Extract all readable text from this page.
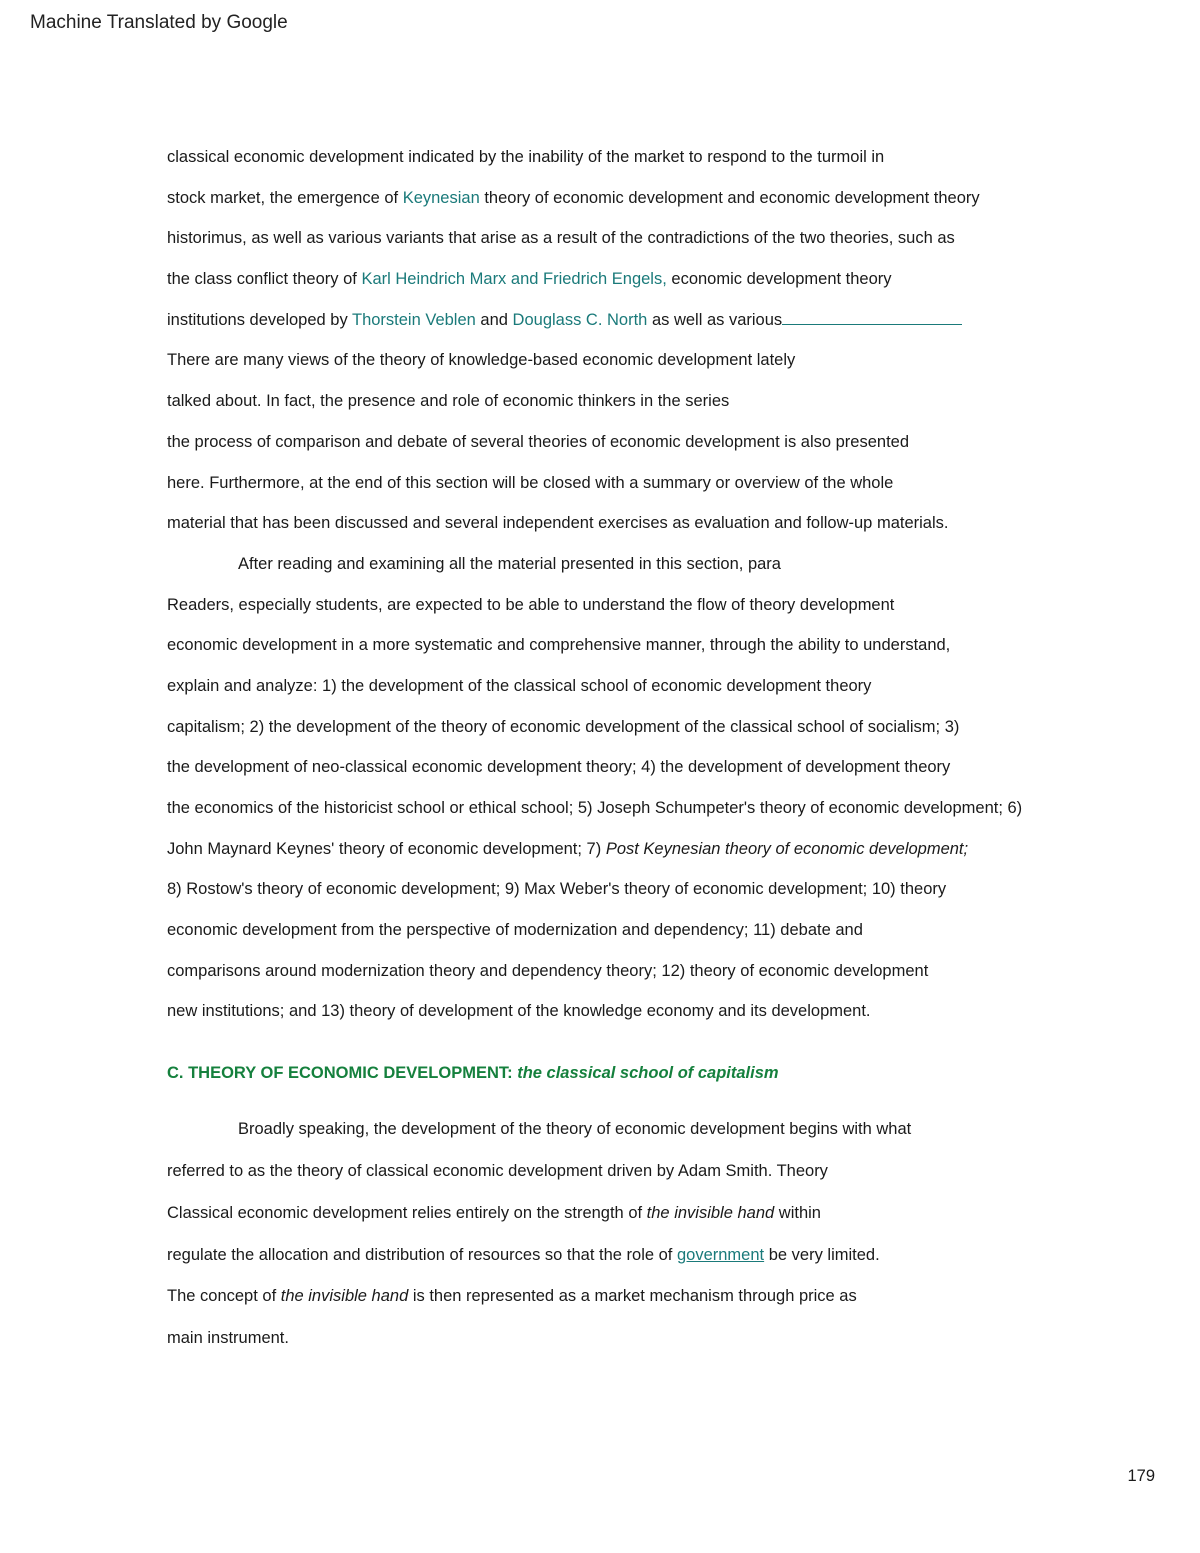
Machine Translated by Google
classical economic development indicated by the inability of the market to respond to the turmoil in
stock market, the emergence of Keynesian theory of economic development and economic development theory
historimus, as well as various variants that arise as a result of the contradictions of the two theories, such as
the class conflict theory of Karl Heindrich Marx and Friedrich Engels, economic development theory
institutions developed by Thorstein Veblen and Douglass C. North as well as various
There are many views of the theory of knowledge-based economic development lately
talked about. In fact, the presence and role of economic thinkers in the series
the process of comparison and debate of several theories of economic development is also presented
here. Furthermore, at the end of this section will be closed with a summary or overview of the whole
material that has been discussed and several independent exercises as evaluation and follow-up materials.
After reading and examining all the material presented in this section, para
Readers, especially students, are expected to be able to understand the flow of theory development
economic development in a more systematic and comprehensive manner, through the ability to understand,
explain and analyze: 1) the development of the classical school of economic development theory
capitalism; 2) the development of the theory of economic development of the classical school of socialism; 3)
the development of neo-classical economic development theory; 4) the development of development theory
the economics of the historicist school or ethical school; 5) Joseph Schumpeter's theory of economic development; 6)
John Maynard Keynes' theory of economic development; 7) Post Keynesian theory of economic development;
8) Rostow's theory of economic development; 9) Max Weber's theory of economic development; 10) theory
economic development from the perspective of modernization and dependency; 11) debate and
comparisons around modernization theory and dependency theory; 12) theory of economic development
new institutions; and 13) theory of development of the knowledge economy and its development.
C. THEORY OF ECONOMIC DEVELOPMENT: the classical school of capitalism
Broadly speaking, the development of the theory of economic development begins with what
referred to as the theory of classical economic development driven by Adam Smith. Theory
Classical economic development relies entirely on the strength of the invisible hand within
regulate the allocation and distribution of resources so that the role of government be very limited.
The concept of the invisible hand is then represented as a market mechanism through price as
main instrument.
179
